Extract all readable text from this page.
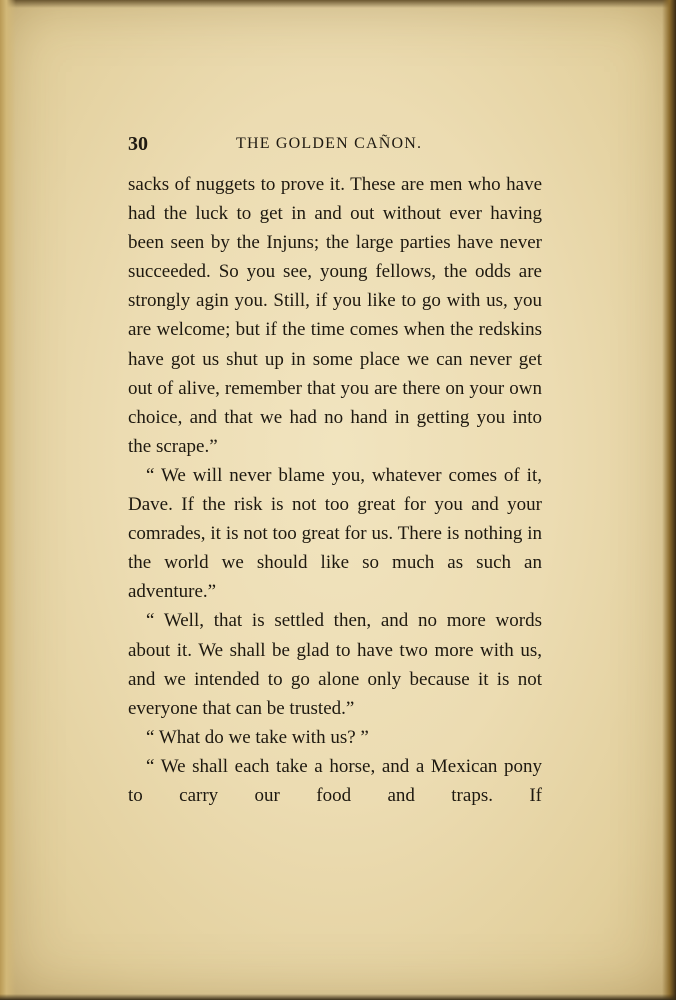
30	THE GOLDEN CAÑON.

sacks of nuggets to prove it. These are men who have had the luck to get in and out without ever having been seen by the Injuns; the large parties have never succeeded. So you see, young fellows, the odds are strongly agin you. Still, if you like to go with us, you are welcome; but if the time comes when the redskins have got us shut up in some place we can never get out of alive, remember that you are there on your own choice, and that we had no hand in getting you into the scrape.”

“ We will never blame you, whatever comes of it, Dave. If the risk is not too great for you and your comrades, it is not too great for us. There is nothing in the world we should like so much as such an adventure.”

“ Well, that is settled then, and no more words about it. We shall be glad to have two more with us, and we intended to go alone only because it is not everyone that can be trusted.”

“ What do we take with us? ”

“ We shall each take a horse, and a Mexican pony to carry our food and traps. If
